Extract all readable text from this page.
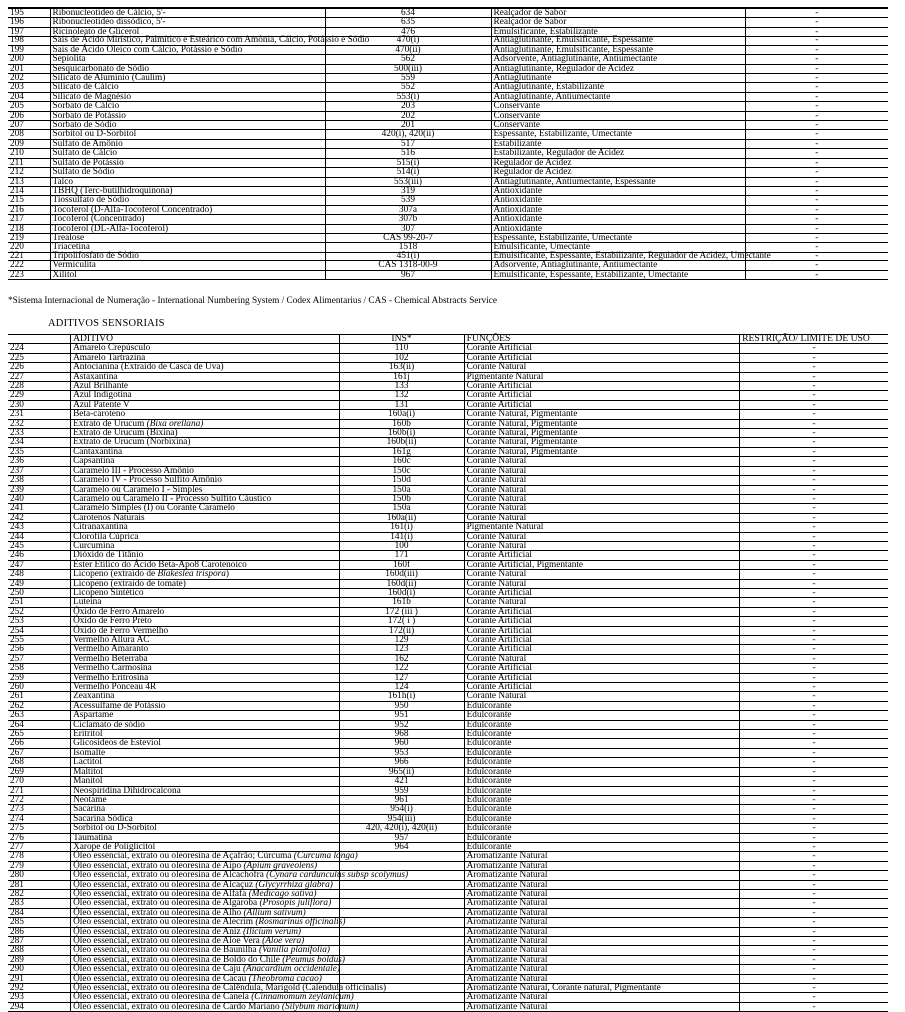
195	Ribonucleotídeo de Cálcio, 5'-	634	Realçador de Sabor	-
196	Ribonucleotídeo dissódico, 5'-	635	Realçador de Sabor	-
197	Ricinoleato de Glicerol	476	Emulsificante, Estabilizante	-
198	Sais de Ácido Mirístico, Palmítico e Esteárico com Amônia, Cálcio, Potássio e Sódio	470(i)	Antiaglutinante, Emulsificante, Espessante	-
199	Sais de Ácido Oleico com Cálcio, Potássio e Sódio	470(ii)	Antiaglutinante, Emulsificante, Espessante	-
200	Sepiolita	562	Adsorvente, Antiaglutinante, Antiumectante	-
201	Sesquicarbonato de Sódio	500(iii)	Antiaglutinante, Regulador de Acidez	-
202	Silicato de Alumínio (Caulim)	559	Antiaglutinante	-
203	Silicato de Cálcio	552	Antiaglutinante, Estabilizante	-
204	Silicato de Magnésio	553(i)	Antiaglutinante, Antiumectante	-
205	Sorbato de Cálcio	203	Conservante	-
206	Sorbato de Potássio	202	Conservante	-
207	Sorbato de Sódio	201	Conservante	-
208	Sorbitol ou D-Sorbitol	420(i), 420(ii)	Espessante, Estabilizante, Umectante	-
209	Sulfato de Amônio	517	Estabilizante	-
210	Sulfato de Cálcio	516	Estabilizante, Regulador de Acidez	-
211	Sulfato de Potássio	515(i)	Regulador de Acidez	-
212	Sulfato de Sódio	514(i)	Regulador de Acidez	-
213	Talco	553(iii)	Antiaglutinante, Antiumectante, Espessante	-
214	TBHQ (Terc-butilhidroquinona)	319	Antioxidante	-
215	Tiossulfato de Sódio	539	Antioxidante	-
216	Tocoferol (D-Alfa-Tocoferol Concentrado)	307a	Antioxidante	-
217	Tocoferol (Concentrado)	307b	Antioxidante	-
218	Tocoferol (DL-Alfa-Tocoferol)	307	Antioxidante	-
219	Trealose	CAS 99-20-7	Espessante, Estabilizante, Umectante	-
220	Triacetina	1518	Emulsificante, Umectante	-
221	Tripolifosfato de Sódio	451(i)	Emulsificante, Espessante, Estabilizante, Regulador de Acidez, Umectante	-
222	Vermiculita	CAS 1318-00-9	Adsorvente, Antiaglutinante, Antiumectante	-
223	Xilitol	967	Emulsificante, Espessante, Estabilizante, Umectante	-
*Sistema Internacional de Numeração - International Numbering System / Codex Alimentarius / CAS - Chemical Abstracts Service
ADITIVOS SENSORIAIS
	ADITIVO	INS*	FUNÇÕES	RESTRIÇÃO/ LIMITE DE USO
224	Amarelo Crepúsculo	110	Corante Artificial	-
225	Amarelo Tartrazina	102	Corante Artificial	-
226	Antocianina (Extraído de Casca de Uva)	163(ii)	Corante Natural	-
227	Astaxantina	161j	Pigmentante Natural	-
228	Azul Brilhante	133	Corante Artificial	-
229	Azul Indigotina	132	Corante Artificial	-
230	Azul Patente V	131	Corante Artificial	-
231	Beta-caroteno	160a(i)	Corante Natural, Pigmentante	-
232	Extrato de Urucum (Bixa orellana)	160b	Corante Natural, Pigmentante	-
233	Extrato de Urucum (Bixina)	160b(i)	Corante Natural, Pigmentante	-
234	Extrato de Urucum (Norbixina)	160b(ii)	Corante Natural, Pigmentante	-
235	Cantaxantina	161g	Corante Natural, Pigmentante	-
236	Capsantina	160c	Corante Natural	-
237	Caramelo III - Processo Amônio	150c	Corante Natural	-
238	Caramelo IV - Processo Sulfito Amônio	150d	Corante Natural	-
239	Caramelo ou Caramelo I - Simples	150a	Corante Natural	-
240	Caramelo ou Caramelo II - Processo Sulfito Cáustico	150b	Corante Natural	-
241	Caramelo Simples (I) ou Corante Caramelo	150a	Corante Natural	-
242	Carotenos Naturais	160a(ii)	Corante Natural	-
243	Citranaxantina	161(i)	Pigmentante Natural	-
244	Clorofila Cúprica	141(i)	Corante Natural	-
245	Curcumina	100	Corante Natural	-
246	Dióxido de Titânio	171	Corante Artificial	-
247	Éster Etílico do Ácido Beta-Apo8 Carotenoico	160f	Corante Artificial, Pigmentante	-
248	Licopeno (extraído de Blakeslea trispora)	160d(iii)	Corante Natural	-
249	Licopeno (extraído de tomate)	160d(ii)	Corante Natural	-
250	Licopeno Sintético	160d(i)	Corante Artificial	-
251	Luteína	161b	Corante Natural	-
252	Óxido de Ferro Amarelo	172 (iii )	Corante Artificial	-
253	Óxido de Ferro Preto	172( i )	Corante Artificial	-
254	Óxido de Ferro Vermelho	172(ii)	Corante Artificial	-
255	Vermelho Allura AC	129	Corante Artificial	-
256	Vermelho Amaranto	123	Corante Artificial	-
257	Vermelho Beterraba	162	Corante Natural	-
258	Vermelho Carmosina	122	Corante Artificial	-
259	Vermelho Eritrosina	127	Corante Artificial	-
260	Vermelho Ponceau 4R	124	Corante Artificial	-
261	Zeaxantina	161h(i)	Corante Natural	-
262	Acessulfame de Potássio	950	Edulcorante	-
263	Aspartame	951	Edulcorante	-
264	Ciclamato de sódio	952	Edulcorante	-
265	Eritritol	968	Edulcorante	-
266	Glicosídeos de Esteviol	960	Edulcorante	-
267	Isomalte	953	Edulcorante	-
268	Lactitol	966	Edulcorante	-
269	Maltitol	965(ii)	Edulcorante	-
270	Manitol	421	Edulcorante	-
271	Neospiridina Dihidrocalcona	959	Edulcorante	-
272	Neotame	961	Edulcorante	-
273	Sacarina	954(i)	Edulcorante	-
274	Sacarina Sódica	954(iii)	Edulcorante	-
275	Sorbitol ou D-Sorbitol	420, 420(i), 420(ii)	Edulcorante	-
276	Taumatina	957	Edulcorante	-
277	Xarope de Poliglicitol	964	Edulcorante	-
278	Óleo essencial, extrato ou oleoresina de Açafrão; Cúrcuma (Curcuma longa)		Aromatizante Natural	-
279	Óleo essencial, extrato ou oleoresina de Aipo (Apium graveolens)		Aromatizante Natural	-
280	Óleo essencial, extrato ou oleoresina de Alcachofra (Cynara cardunculus subsp scolymus)		Aromatizante Natural	-
281	Óleo essencial, extrato ou oleoresina de Alcaçuz (Glycyrrhiza glabra)		Aromatizante Natural	-
282	Óleo essencial, extrato ou oleoresina de Alfafa (Medicago sativa)		Aromatizante Natural	-
283	Óleo essencial, extrato ou oleoresina de Algaroba (Prosopis juliflora)		Aromatizante Natural	-
284	Óleo essencial, extrato ou oleoresina de Alho (Allium sativum)		Aromatizante Natural	-
285	Óleo essencial, extrato ou oleoresina de Alecrim (Rosmarinus officinalis)		Aromatizante Natural	-
286	Óleo essencial, extrato ou oleoresina de Aniz (Ilicium verum)		Aromatizante Natural	-
287	Óleo essencial, extrato ou oleoresina de Aloe Vera (Aloe vera)		Aromatizante Natural	-
288	Óleo essencial, extrato ou oleoresina de Baunilha (Vanilla planifolia)		Aromatizante Natural	-
289	Óleo essencial, extrato ou oleoresina de Boldo do Chile (Peumus boldus)		Aromatizante Natural	-
290	Óleo essencial, extrato ou oleoresina de Caju (Anacardium occidentale)		Aromatizante Natural	-
291	Óleo essencial, extrato ou oleoresina de Cacau (Theobroma cacao)		Aromatizante Natural	-
292	Óleo essencial, extrato ou oleoresina de Calêndula, Marigold (Calendula officinalis)		Aromatizante Natural, Corante natural, Pigmentante	-
293	Óleo essencial, extrato ou oleoresina de Canela (Cinnamomum zeylanicum)		Aromatizante Natural	-
294	Óleo essencial, extrato ou oleoresina de Cardo Mariano (Silybum marianum)		Aromatizante Natural	-
